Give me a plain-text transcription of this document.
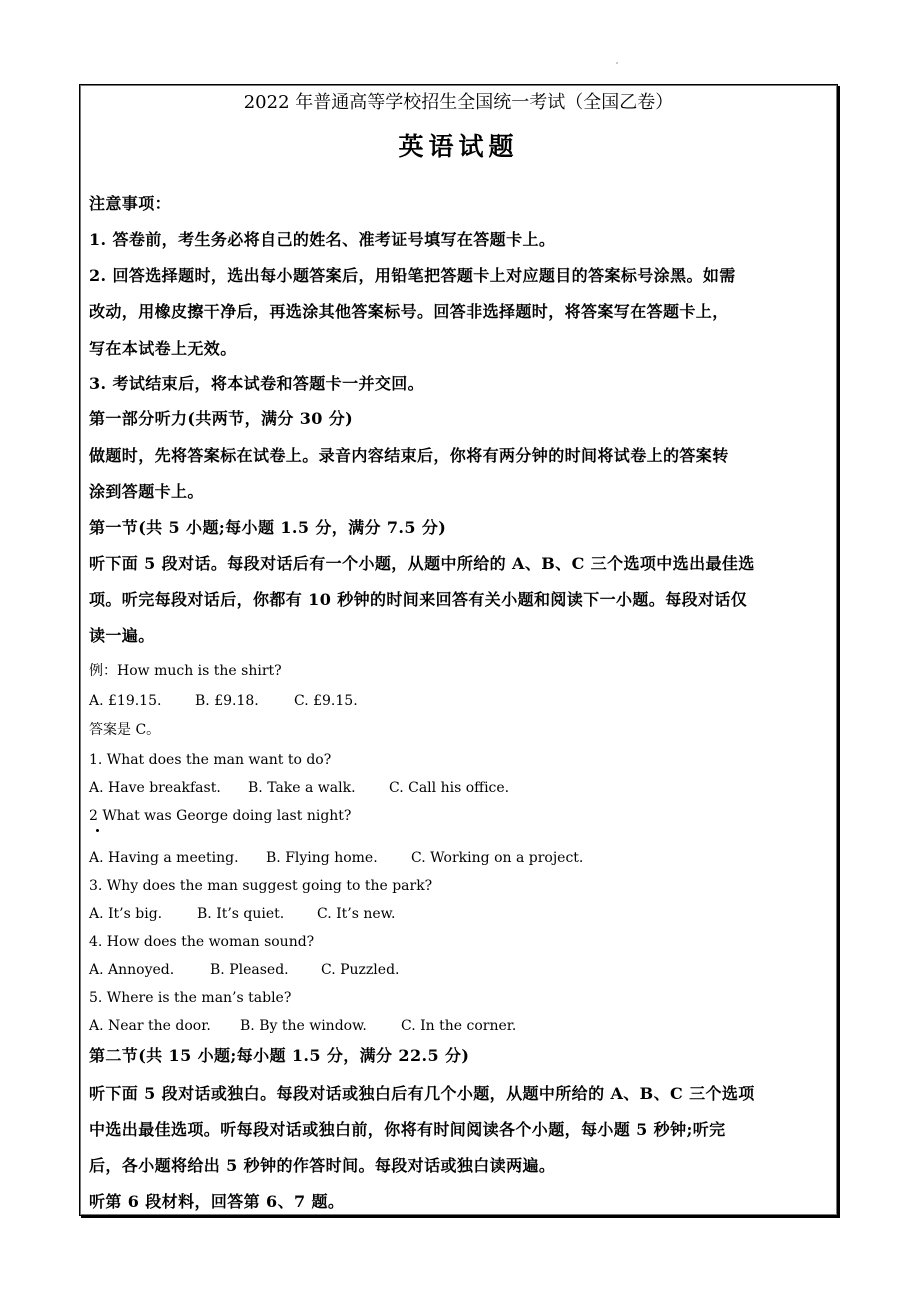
2022 年普通高等学校招生全国统一考试（全国乙卷）
英语试题
注意事项：
1. 答卷前，考生务必将自己的姓名、准考证号填写在答题卡上。
2. 回答选择题时，选出每小题答案后，用铅笔把答题卡上对应题目的答案标号涂黑。如需
改动，用橡皮擦干净后，再选涂其他答案标号。回答非选择题时，将答案写在答题卡上，
写在本试卷上无效。
3. 考试结束后，将本试卷和答题卡一并交回。
第一部分听力(共两节，满分 30 分)
做题时，先将答案标在试卷上。录音内容结束后，你将有两分钟的时间将试卷上的答案转
涂到答题卡上。
第一节(共 5 小题;每小题 1.5 分，满分 7.5 分)
听下面 5 段对话。每段对话后有一个小题，从题中所给的 A、B、C 三个选项中选出最佳选
项。听完每段对话后，你都有 10 秒钟的时间来回答有关小题和阅读下一小题。每段对话仅
读一遍。
例：How much is the shirt?
A. £19.15. B. £9.18.	C. £9.15.
答案是 C。
1. What does the man want to do?
A. Have breakfast. B. Take a walk. C. Call his office.
2 What was George doing last night?
A. Having a meeting. B. Flying home. C. Working on a project.
3. Why does the man suggest going to the park?
A. It’s big. B. It’s quiet. C. It’s new.
4. How does the woman sound?
A. Annoyed.	B. Pleased. C. Puzzled.
5. Where is the man’s table?
A. Near the door. B. By the window. C. In the corner.
第二节(共 15 小题;每小题 1.5 分，满分 22.5 分)
听下面 5 段对话或独白。每段对话或独白后有几个小题，从题中所给的 A、B、C 三个选项
中选出最佳选项。听每段对话或独白前，你将有时间阅读各个小题，每小题 5 秒钟;听完
后，各小题将给出 5 秒钟的作答时间。每段对话或独白读两遍。
听第 6 段材料，回答第 6、7 题。
